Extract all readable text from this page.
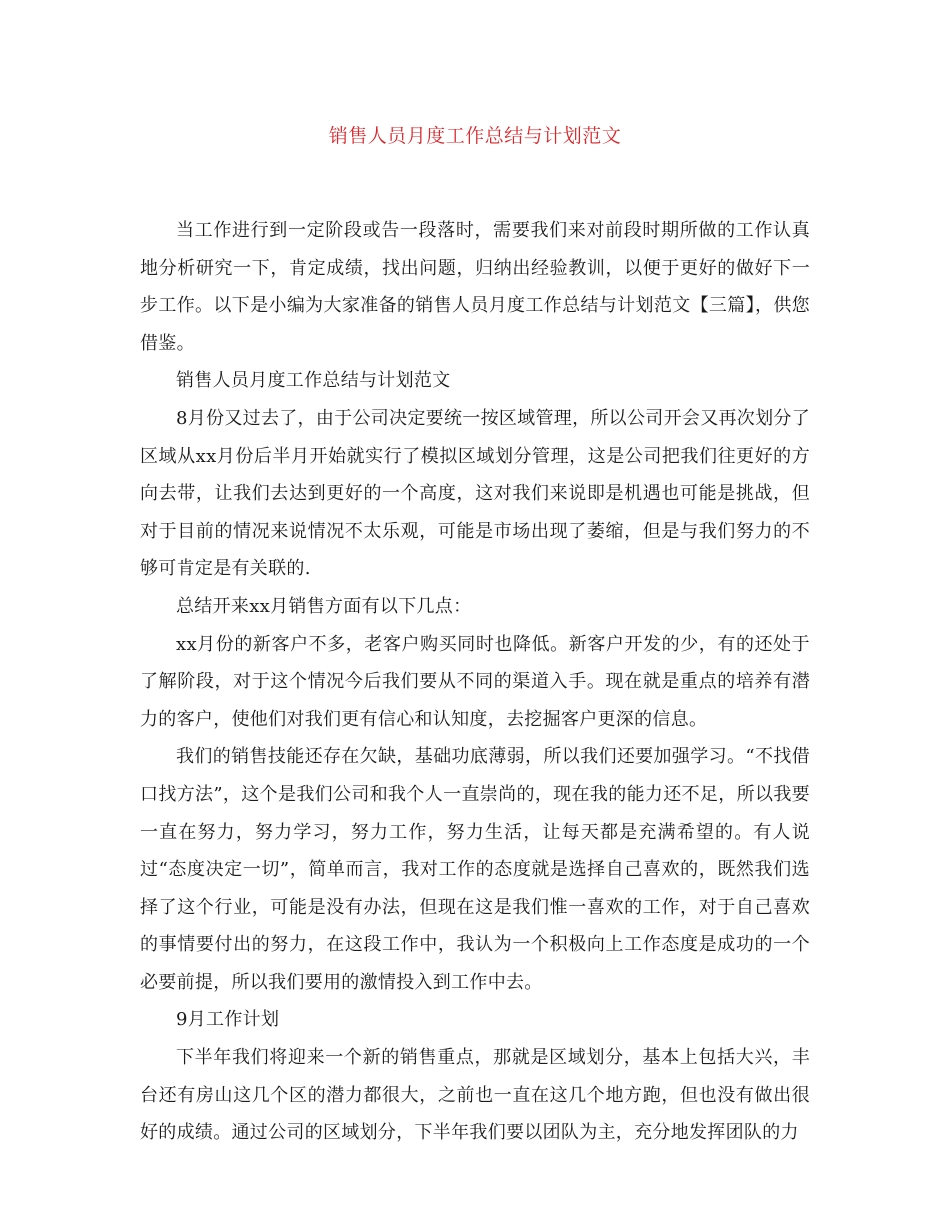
销售人员月度工作总结与计划范文

当工作进行到一定阶段或告一段落时，需要我们来对前段时期所做的工作认真地分析研究一下，肯定成绩，找出问题，归纳出经验教训，以便于更好的做好下一步工作。以下是小编为大家准备的销售人员月度工作总结与计划范文【三篇】，供您借鉴。

销售人员月度工作总结与计划范文

8月份又过去了，由于公司决定要统一按区域管理，所以公司开会又再次划分了区域从xx月份后半月开始就实行了模拟区域划分管理，这是公司把我们往更好的方向去带，让我们去达到更好的一个高度，这对我们来说即是机遇也可能是挑战，但对于目前的情况来说情况不太乐观，可能是市场出现了萎缩，但是与我们努力的不够可肯定是有关联的.

总结开来xx月销售方面有以下几点：

xx月份的新客户不多，老客户购买同时也降低。新客户开发的少，有的还处于了解阶段，对于这个情况今后我们要从不同的渠道入手。现在就是重点的培养有潜力的客户，使他们对我们更有信心和认知度，去挖掘客户更深的信息。

我们的销售技能还存在欠缺，基础功底薄弱，所以我们还要加强学习。“不找借口找方法”，这个是我们公司和我个人一直崇尚的，现在我的能力还不足，所以我要一直在努力，努力学习，努力工作，努力生活，让每天都是充满希望的。有人说过“态度决定一切”，简单而言，我对工作的态度就是选择自己喜欢的，既然我们选择了这个行业，可能是没有办法，但现在这是我们惟一喜欢的工作，对于自己喜欢的事情要付出的努力，在这段工作中，我认为一个积极向上工作态度是成功的一个必要前提，所以我们要用的激情投入到工作中去。

9月工作计划

下半年我们将迎来一个新的销售重点，那就是区域划分，基本上包括大兴，丰台还有房山这几个区的潜力都很大，之前也一直在这几个地方跑，但也没有做出很好的成绩。通过公司的区域划分，下半年我们要以团队为主，充分地发挥团队的力
